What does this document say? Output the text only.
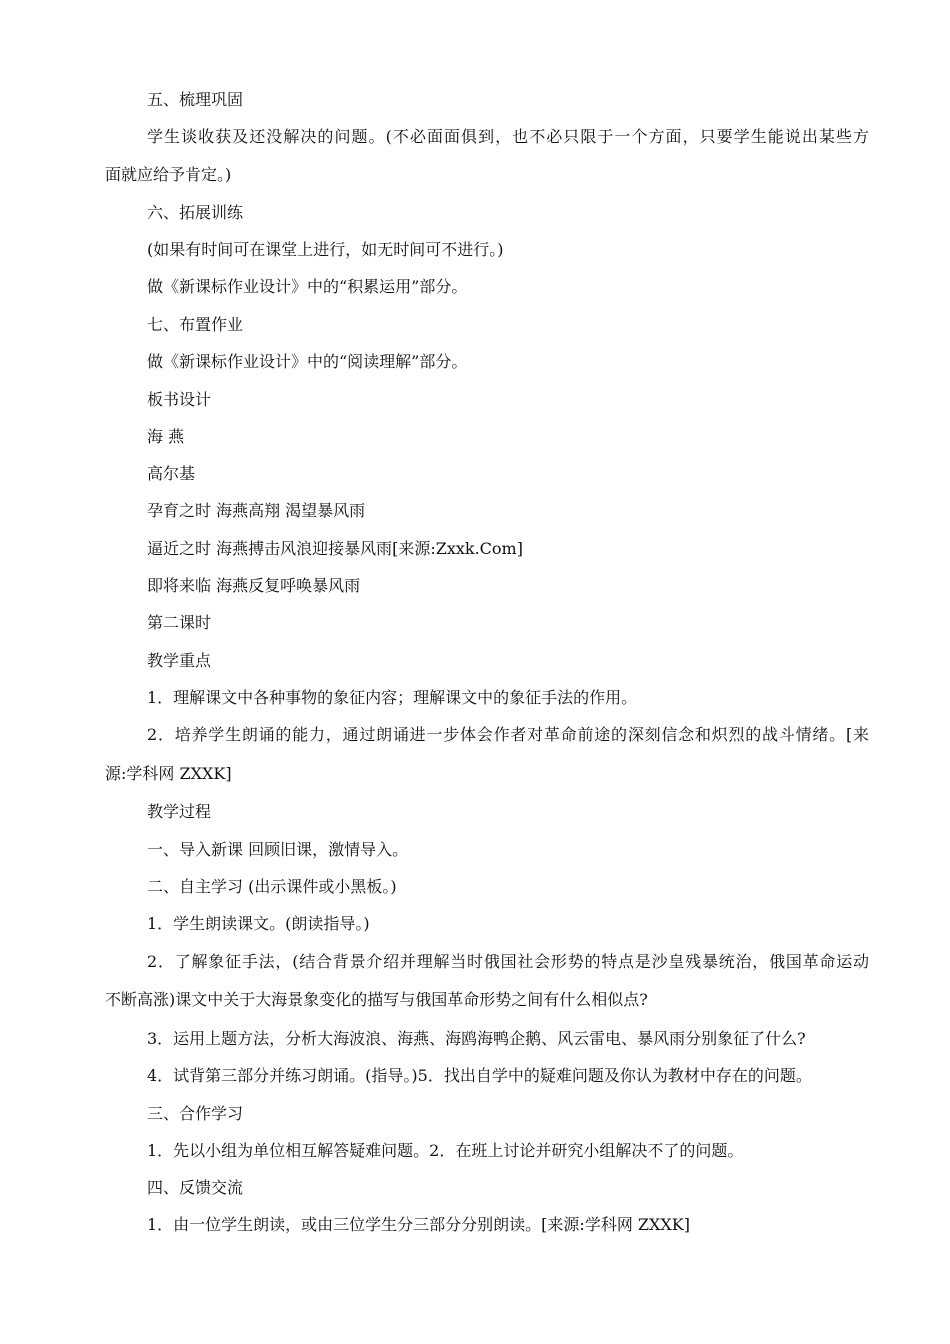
五、梳理巩固
学生谈收获及还没解决的问题。(不必面面俱到，也不必只限于一个方面，只要学生能说出某些方
面就应给予肯定。)
六、拓展训练
(如果有时间可在课堂上进行，如无时间可不进行。)
做《新课标作业设计》中的“积累运用”部分。
七、布置作业
做《新课标作业设计》中的“阅读理解”部分。
板书设计
海 燕
高尔基
孕育之时 海燕高翔 渴望暴风雨
逼近之时 海燕搏击风浪迎接暴风雨[来源:Zxxk.Com]
即将来临 海燕反复呼唤暴风雨
第二课时
教学重点
1．理解课文中各种事物的象征内容；理解课文中的象征手法的作用。
2．培养学生朗诵的能力，通过朗诵进一步体会作者对革命前途的深刻信念和炽烈的战斗情绪。[来
源:学科网 ZXXK]
教学过程
一、导入新课 回顾旧课，激情导入。
二、自主学习 (出示课件或小黑板。)
1．学生朗读课文。(朗读指导。)
2．了解象征手法，(结合背景介绍并理解当时俄国社会形势的特点是沙皇残暴统治，俄国革命运动
不断高涨)课文中关于大海景象变化的描写与俄国革命形势之间有什么相似点?
3．运用上题方法，分析大海波浪、海燕、海鸥海鸭企鹅、风云雷电、暴风雨分别象征了什么?
4．试背第三部分并练习朗诵。(指导。)5．找出自学中的疑难问题及你认为教材中存在的问题。
三、合作学习
1．先以小组为单位相互解答疑难问题。2．在班上讨论并研究小组解决不了的问题。
四、反馈交流
1．由一位学生朗读，或由三位学生分三部分分别朗读。[来源:学科网 ZXXK]
